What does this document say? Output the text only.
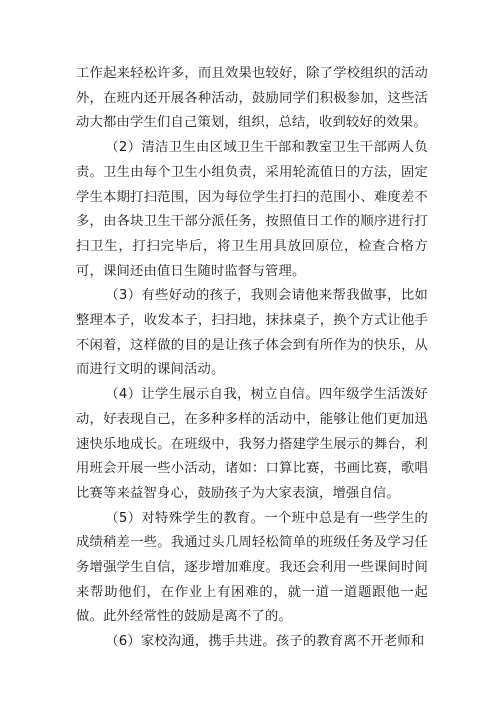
工作起来轻松许多，而且效果也较好，除了学校组织的活动外，在班内还开展各种活动，鼓励同学们积极参加，这些活动大都由学生们自己策划，组织，总结，收到较好的效果。

（2）清洁卫生由区域卫生干部和教室卫生干部两人负责。卫生由每个卫生小组负责，采用轮流值日的方法，固定学生本期打扫范围，因为每位学生打扫的范围小、难度差不多，由各块卫生干部分派任务，按照值日工作的顺序进行打扫卫生，打扫完毕后，将卫生用具放回原位，检查合格方可，课间还由值日生随时监督与管理。

（3）有些好动的孩子，我则会请他来帮我做事，比如整理本子，收发本子，扫扫地，抹抹桌子，换个方式让他手不闲着，这样做的目的是让孩子体会到有所作为的快乐，从而进行文明的课间活动。

（4）让学生展示自我，树立自信。四年级学生活泼好动，好表现自己，在多种多样的活动中，能够让他们更加迅速快乐地成长。在班级中，我努力搭建学生展示的舞台，利用班会开展一些小活动，诸如：口算比赛，书画比赛，歌唱比赛等来益智身心，鼓励孩子为大家表演，增强自信。

（5）对特殊学生的教育。一个班中总是有一些学生的成绩稍差一些。我通过头几周轻松简单的班级任务及学习任务增强学生自信，逐步增加难度。我还会利用一些课间时间来帮助他们，在作业上有困难的，就一道一道题跟他一起做。此外经常性的鼓励是离不了的。

（6）家校沟通，携手共进。孩子的教育离不开老师和
